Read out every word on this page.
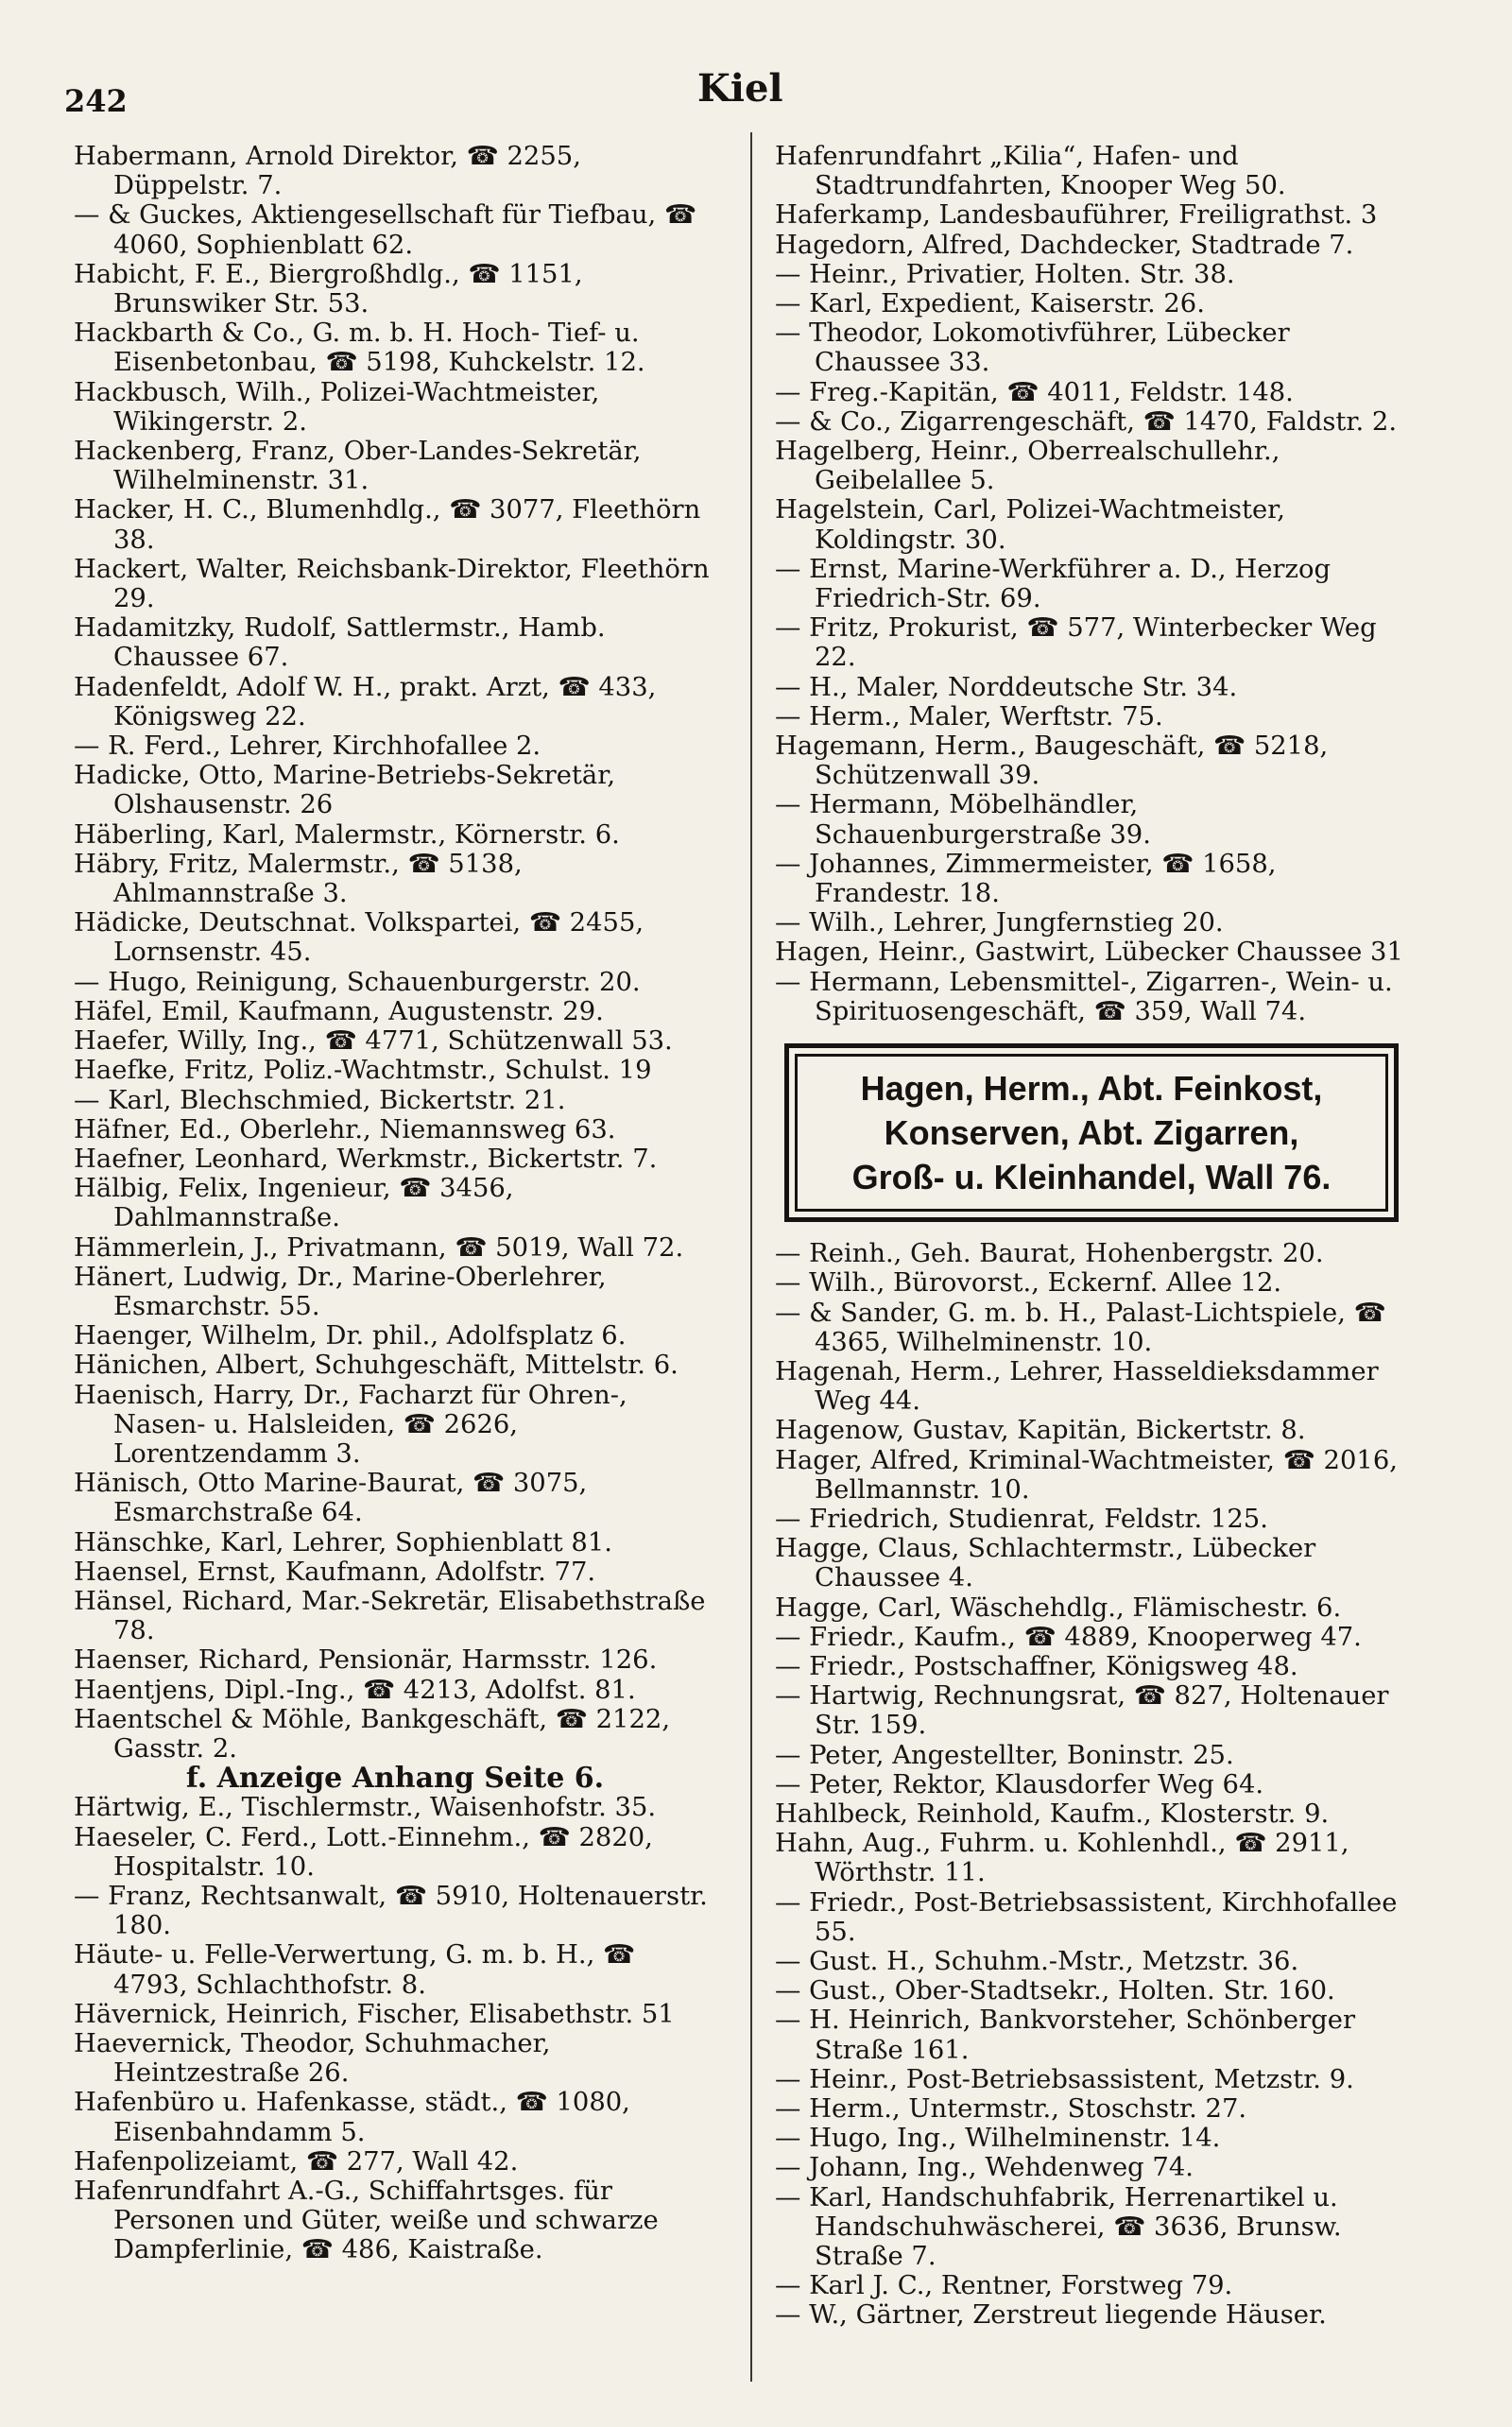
242	Kiel
Habermann, Arnold Direktor, ☎ 2255, Düppelstr. 7.
— & Guckes, Aktiengesellschaft für Tiefbau, ☎ 4060, Sophienblatt 62.
Habicht, F. E., Biergroßhdlg., ☎ 1151, Brunswiker Str. 53.
Hackbarth & Co., G. m. b. H. Hoch- Tief- u. Eisenbetonbau, ☎ 5198, Kuhckelstr. 12.
Hackbusch, Wilh., Polizei-Wachtmeister, Wikingerstr. 2.
Hackenberg, Franz, Ober-Landes-Sekretär, Wilhelminenstr. 31.
Hacker, H. C., Blumenhdlg., ☎ 3077, Fleethörn 38.
Hackert, Walter, Reichsbank-Direktor, Fleethörn 29.
Hadamitzky, Rudolf, Sattlermstr., Hamb. Chaussee 67.
Hadenfeldt, Adolf W. H., prakt. Arzt, ☎ 433, Königsweg 22.
— R. Ferd., Lehrer, Kirchhofallee 2.
Hadicke, Otto, Marine-Betriebs-Sekretär, Olshausenstr. 26
Häberling, Karl, Malermstr., Körnerstr. 6.
Häbry, Fritz, Malermstr., ☎ 5138, Ahlmannstraße 3.
Hädicke, Deutschnat. Volkspartei, ☎ 2455, Lornsenstr. 45.
— Hugo, Reinigung, Schauenburgerstr. 20.
Häfel, Emil, Kaufmann, Augustenstr. 29.
Haefer, Willy, Ing., ☎ 4771, Schützenwall 53.
Haefke, Fritz, Poliz.-Wachtmstr., Schulst. 19
— Karl, Blechschmied, Bickertstr. 21.
Häfner, Ed., Oberlehr., Niemannsweg 63.
Haefner, Leonhard, Werkmstr., Bickertstr. 7.
Hälbig, Felix, Ingenieur, ☎ 3456, Dahlmannstraße.
Hämmerlein, J., Privatmann, ☎ 5019, Wall 72.
Hänert, Ludwig, Dr., Marine-Oberlehrer, Esmarchstr. 55.
Haenger, Wilhelm, Dr. phil., Adolfsplatz 6.
Hänichen, Albert, Schuhgeschäft, Mittelstr. 6.
Haenisch, Harry, Dr., Facharzt für Ohren-, Nasen- u. Halsleiden, ☎ 2626, Lorentzendamm 3.
Hänisch, Otto Marine-Baurat, ☎ 3075, Esmarchstraße 64.
Hänschke, Karl, Lehrer, Sophienblatt 81.
Haensel, Ernst, Kaufmann, Adolfstr. 77.
Hänsel, Richard, Mar.-Sekretär, Elisabethstraße 78.
Haenser, Richard, Pensionär, Harmsstr. 126.
Haentjens, Dipl.-Ing., ☎ 4213, Adolfst. 81.
Haentschel & Möhle, Bankgeschäft, ☎ 2122, Gasstr. 2.
f. Anzeige Anhang Seite 6.
Härtwig, E., Tischlermstr., Waisenhofstr. 35.
Haeseler, C. Ferd., Lott.-Einnehm., ☎ 2820, Hospitalstr. 10.
— Franz, Rechtsanwalt, ☎ 5910, Holtenauerstr. 180.
Häute- u. Felle-Verwertung, G. m. b. H., ☎ 4793, Schlachthofstr. 8.
Hävernick, Heinrich, Fischer, Elisabethstr. 51
Haevernick, Theodor, Schuhmacher, Heintzestraße 26.
Hafenbüro u. Hafenkasse, städt., ☎ 1080, Eisenbahndamm 5.
Hafenpolizeiamt, ☎ 277, Wall 42.
Hafenrundfahrt A.-G., Schiffahrtsges. für Personen und Güter, weiße und schwarze Dampferlinie, ☎ 486, Kaistraße.
Hafenrundfahrt „Kilia“, Hafen- und Stadtrundfahrten, Knooper Weg 50.
Haferkamp, Landesbauführer, Freiligrathst. 3
Hagedorn, Alfred, Dachdecker, Stadtrade 7.
— Heinr., Privatier, Holten. Str. 38.
— Karl, Expedient, Kaiserstr. 26.
— Theodor, Lokomotivführer, Lübecker Chaussee 33.
— Freg.-Kapitän, ☎ 4011, Feldstr. 148.
— & Co., Zigarrengeschäft, ☎ 1470, Faldstr. 2.
Hagelberg, Heinr., Oberrealschullehr., Geibelallee 5.
Hagelstein, Carl, Polizei-Wachtmeister, Koldingstr. 30.
— Ernst, Marine-Werkführer a. D., Herzog Friedrich-Str. 69.
— Fritz, Prokurist, ☎ 577, Winterbecker Weg 22.
— H., Maler, Norddeutsche Str. 34.
— Herm., Maler, Werftstr. 75.
Hagemann, Herm., Baugeschäft, ☎ 5218, Schützenwall 39.
— Hermann, Möbelhändler, Schauenburgerstraße 39.
— Johannes, Zimmermeister, ☎ 1658, Frandestr. 18.
— Wilh., Lehrer, Jungfernstieg 20.
Hagen, Heinr., Gastwirt, Lübecker Chaussee 31
— Hermann, Lebensmittel-, Zigarren-, Wein- u. Spirituosengeschäft, ☎ 359, Wall 74.
Hagen, Herm., Abt. Feinkost,
Konserven, Abt. Zigarren,
Groß- u. Kleinhandel, Wall 76.
— Reinh., Geh. Baurat, Hohenbergstr. 20.
— Wilh., Bürovorst., Eckernf. Allee 12.
— & Sander, G. m. b. H., Palast-Lichtspiele, ☎ 4365, Wilhelminenstr. 10.
Hagenah, Herm., Lehrer, Hasseldieksdammer Weg 44.
Hagenow, Gustav, Kapitän, Bickertstr. 8.
Hager, Alfred, Kriminal-Wachtmeister, ☎ 2016, Bellmannstr. 10.
— Friedrich, Studienrat, Feldstr. 125.
Hagge, Claus, Schlachtermstr., Lübecker Chaussee 4.
Hagge, Carl, Wäschehdlg., Flämischestr. 6.
— Friedr., Kaufm., ☎ 4889, Knooperweg 47.
— Friedr., Postschaffner, Königsweg 48.
— Hartwig, Rechnungsrat, ☎ 827, Holtenauer Str. 159.
— Peter, Angestellter, Boninstr. 25.
— Peter, Rektor, Klausdorfer Weg 64.
Hahlbeck, Reinhold, Kaufm., Klosterstr. 9.
Hahn, Aug., Fuhrm. u. Kohlenhdl., ☎ 2911, Wörthstr. 11.
— Friedr., Post-Betriebsassistent, Kirchhofallee 55.
— Gust. H., Schuhm.-Mstr., Metzstr. 36.
— Gust., Ober-Stadtsekr., Holten. Str. 160.
— H. Heinrich, Bankvorsteher, Schönberger Straße 161.
— Heinr., Post-Betriebsassistent, Metzstr. 9.
— Herm., Untermstr., Stoschstr. 27.
— Hugo, Ing., Wilhelminenstr. 14.
— Johann, Ing., Wehdenweg 74.
— Karl, Handschuhfabrik, Herrenartikel u. Handschuhwäscherei, ☎ 3636, Brunsw. Straße 7.
— Karl J. C., Rentner, Forstweg 79.
— W., Gärtner, Zerstreut liegende Häuser.
